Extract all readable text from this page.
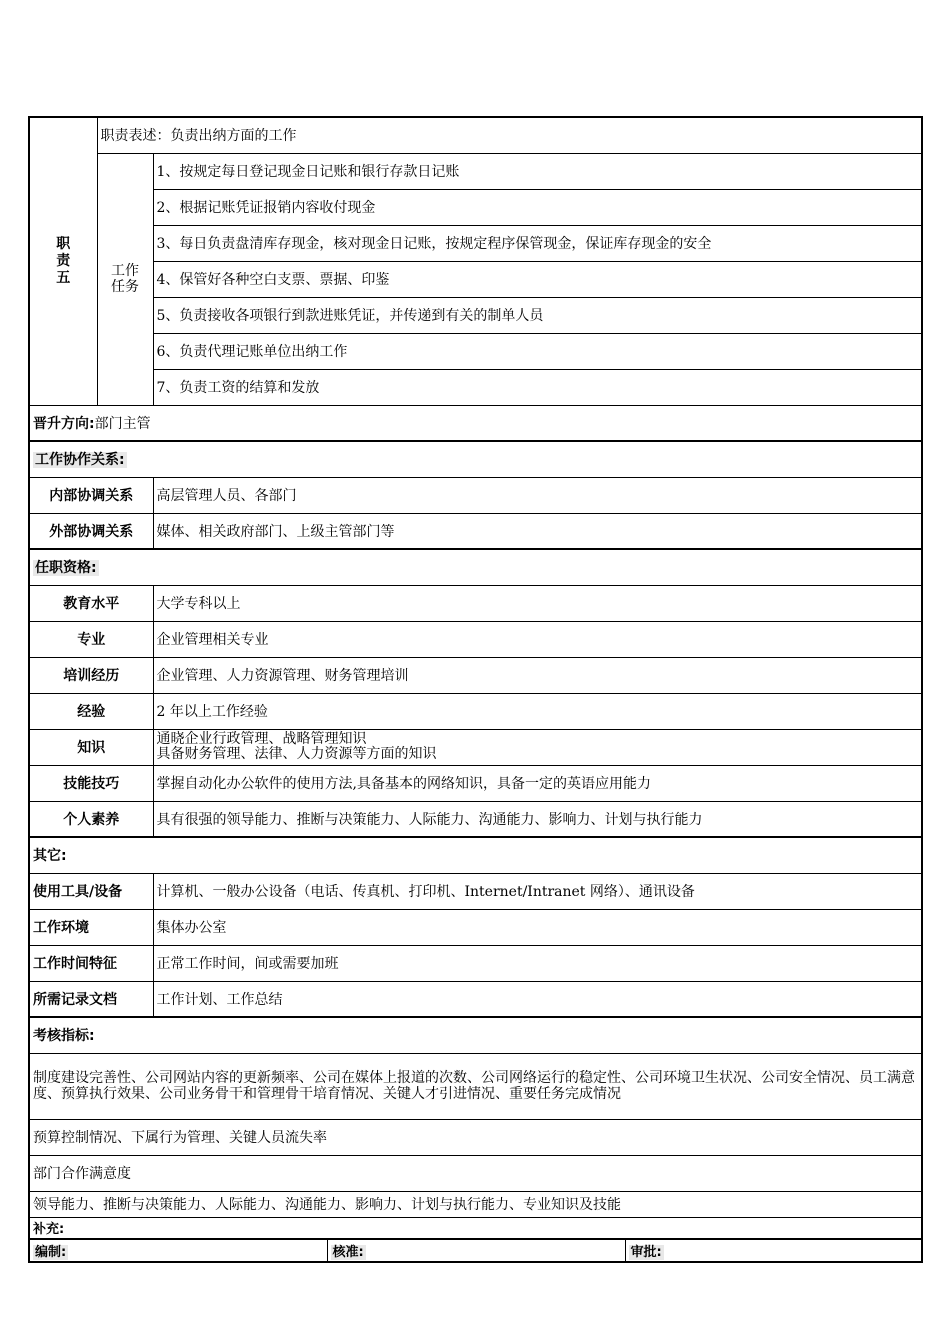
职
责
五	职责表述：负责出纳方面的工作	
	工作
任务	1、按规定每日登记现金日记账和银行存款日记账
		2、根据记账凭证报销内容收付现金
		3、每日负责盘清库存现金，核对现金日记账，按规定程序保管现金，保证库存现金的安全
		4、保管好各种空白支票、票据、印鉴
		5、负责接收各项银行到款进账凭证，并传递到有关的制单人员
		6、负责代理记账单位出纳工作
		7、负责工资的结算和发放
晋升方向:部门主管		
工作协作关系:		
内部协调关系		高层管理人员、各部门
外部协调关系		媒体、相关政府部门、上级主管部门等
任职资格:		
教育水平		大学专科以上
专业		企业管理相关专业
培训经历		企业管理、人力资源管理、财务管理培训
经验		2 年以上工作经验
知识		通晓企业行政管理、战略管理知识
具备财务管理、法律、人力资源等方面的知识

技能技巧		掌握自动化办公软件的使用方法,具备基本的网络知识，具备一定的英语应用能力
个人素养		具有很强的领导能力、推断与决策能力、人际能力、沟通能力、影响力、计划与执行能力
其它:		
使用工具/设备		计算机、一般办公设备（电话、传真机、打印机、Internet/Intranet 网络）、通讯设备
工作环境		集体办公室
工作时间特征		正常工作时间，间或需要加班
所需记录文档		工作计划、工作总结
考核指标:		
制度建设完善性、公司网站内容的更新频率、公司在媒体上报道的次数、公司网络运行的稳定性、公司环境卫生状况、公司安全情况、员工满意度、预算执行效果、公司业务骨干和管理骨干培育情况、关键人才引进情况、重要任务完成情况		
预算控制情况、下属行为管理、关键人员流失率		
部门合作满意度		
领导能力、推断与决策能力、人际能力、沟通能力、影响力、计划与执行能力、专业知识及技能		
补充:		
编制:	核准:	审批:
